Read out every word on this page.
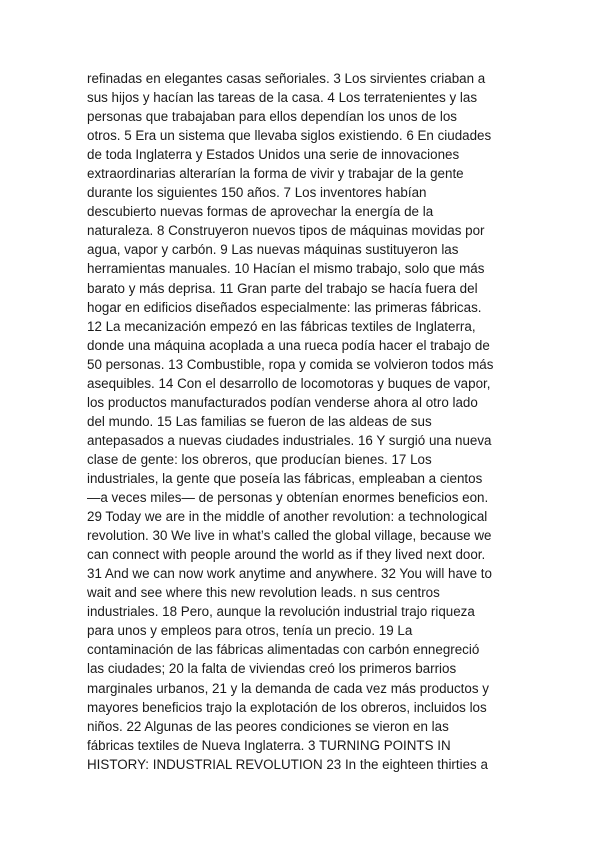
refinadas en elegantes casas señoriales. 3 Los sirvientes criaban a
sus hijos y hacían las tareas de la casa. 4 Los terratenientes y las
personas que trabajaban para ellos dependían los unos de los
otros. 5 Era un sistema que llevaba siglos existiendo. 6 En ciudades
de toda Inglaterra y Estados Unidos una serie de innovaciones
extraordinarias alterarían la forma de vivir y trabajar de la gente
durante los siguientes 150 años. 7 Los inventores habían
descubierto nuevas formas de aprovechar la energía de la
naturaleza. 8 Construyeron nuevos tipos de máquinas movidas por
agua, vapor y carbón. 9 Las nuevas máquinas sustituyeron las
herramientas manuales. 10 Hacían el mismo trabajo, solo que más
barato y más deprisa. 11 Gran parte del trabajo se hacía fuera del
hogar en edificios diseñados especialmente: las primeras fábricas.
12 La mecanización empezó en las fábricas textiles de Inglaterra,
donde una máquina acoplada a una rueca podía hacer el trabajo de
50 personas. 13 Combustible, ropa y comida se volvieron todos más
asequibles. 14 Con el desarrollo de locomotoras y buques de vapor,
los productos manufacturados podían venderse ahora al otro lado
del mundo. 15 Las familias se fueron de las aldeas de sus
antepasados a nuevas ciudades industriales. 16 Y surgió una nueva
clase de gente: los obreros, que producían bienes. 17 Los
industriales, la gente que poseía las fábricas, empleaban a cientos
—a veces miles— de personas y obtenían enormes beneficios eon.
29 Today we are in the middle of another revolution: a technological
revolution. 30 We live in what’s called the global village, because we
can connect with people around the world as if they lived next door.
31 And we can now work anytime and anywhere. 32 You will have to
wait and see where this new revolution leads. n sus centros
industriales. 18 Pero, aunque la revolución industrial trajo riqueza
para unos y empleos para otros, tenía un precio. 19 La
contaminación de las fábricas alimentadas con carbón ennegreció
las ciudades; 20 la falta de viviendas creó los primeros barrios
marginales urbanos, 21 y la demanda de cada vez más productos y
mayores beneficios trajo la explotación de los obreros, incluidos los
niños. 22 Algunas de las peores condiciones se vieron en las
fábricas textiles de Nueva Inglaterra. 3 TURNING POINTS IN
HISTORY: INDUSTRIAL REVOLUTION 23 In the eighteen thirties a
